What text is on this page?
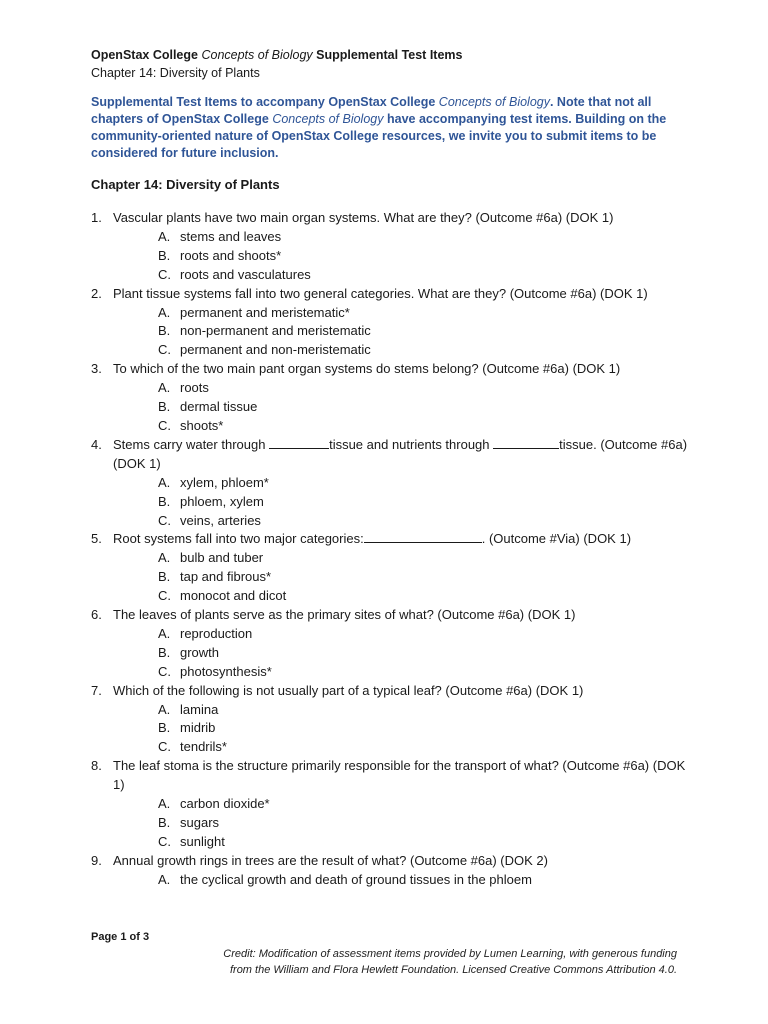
OpenStax College Concepts of Biology Supplemental Test Items
Chapter 14: Diversity of Plants
Supplemental Test Items to accompany OpenStax College Concepts of Biology. Note that not all chapters of OpenStax College Concepts of Biology have accompanying test items. Building on the community-oriented nature of OpenStax College resources, we invite you to submit items to be considered for future inclusion.
Chapter 14: Diversity of Plants
1. Vascular plants have two main organ systems. What are they? (Outcome #6a) (DOK 1)
A. stems and leaves
B. roots and shoots*
C. roots and vasculatures
2. Plant tissue systems fall into two general categories. What are they? (Outcome #6a) (DOK 1)
A. permanent and meristematic*
B. non-permanent and meristematic
C. permanent and non-meristematic
3. To which of the two main pant organ systems do stems belong? (Outcome #6a) (DOK 1)
A. roots
B. dermal tissue
C. shoots*
4. Stems carry water through	tissue and nutrients through	tissue. (Outcome #6a) (DOK 1)
A. xylem, phloem*
B. phloem, xylem
C. veins, arteries
5. Root systems fall into two major categories:	. (Outcome #Via) (DOK 1)
A. bulb and tuber
B. tap and fibrous*
C. monocot and dicot
6. The leaves of plants serve as the primary sites of what? (Outcome #6a) (DOK 1)
A. reproduction
B. growth
C. photosynthesis*
7. Which of the following is not usually part of a typical leaf? (Outcome #6a) (DOK 1)
A. lamina
B. midrib
C. tendrils*
8. The leaf stoma is the structure primarily responsible for the transport of what? (Outcome #6a) (DOK 1)
A. carbon dioxide*
B. sugars
C. sunlight
9. Annual growth rings in trees are the result of what? (Outcome #6a) (DOK 2)
A. the cyclical growth and death of ground tissues in the phloem
Page 1 of 3
Credit: Modification of assessment items provided by Lumen Learning, with generous funding
from the William and Flora Hewlett Foundation. Licensed Creative Commons Attribution 4.0.
